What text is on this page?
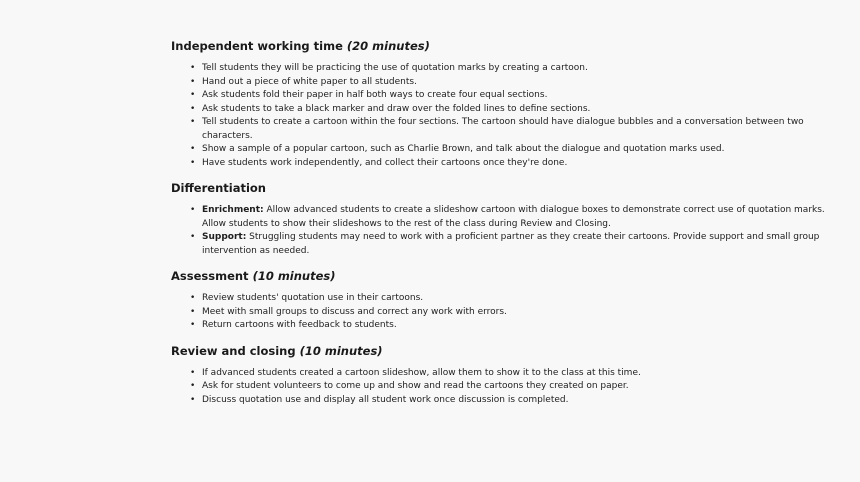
Independent working time (20 minutes)

• Tell students they will be practicing the use of quotation marks by creating a cartoon.
• Hand out a piece of white paper to all students.
• Ask students fold their paper in half both ways to create four equal sections.
• Ask students to take a black marker and draw over the folded lines to define sections.
• Tell students to create a cartoon within the four sections. The cartoon should have dialogue bubbles and a conversation between two characters.
• Show a sample of a popular cartoon, such as Charlie Brown, and talk about the dialogue and quotation marks used.
• Have students work independently, and collect their cartoons once they're done.

Differentiation

• Enrichment: Allow advanced students to create a slideshow cartoon with dialogue boxes to demonstrate correct use of quotation marks. Allow students to show their slideshows to the rest of the class during Review and Closing.
• Support: Struggling students may need to work with a proficient partner as they create their cartoons. Provide support and small group intervention as needed.

Assessment (10 minutes)

• Review students' quotation use in their cartoons.
• Meet with small groups to discuss and correct any work with errors.
• Return cartoons with feedback to students.

Review and closing (10 minutes)

• If advanced students created a cartoon slideshow, allow them to show it to the class at this time.
• Ask for student volunteers to come up and show and read the cartoons they created on paper.
• Discuss quotation use and display all student work once discussion is completed.
